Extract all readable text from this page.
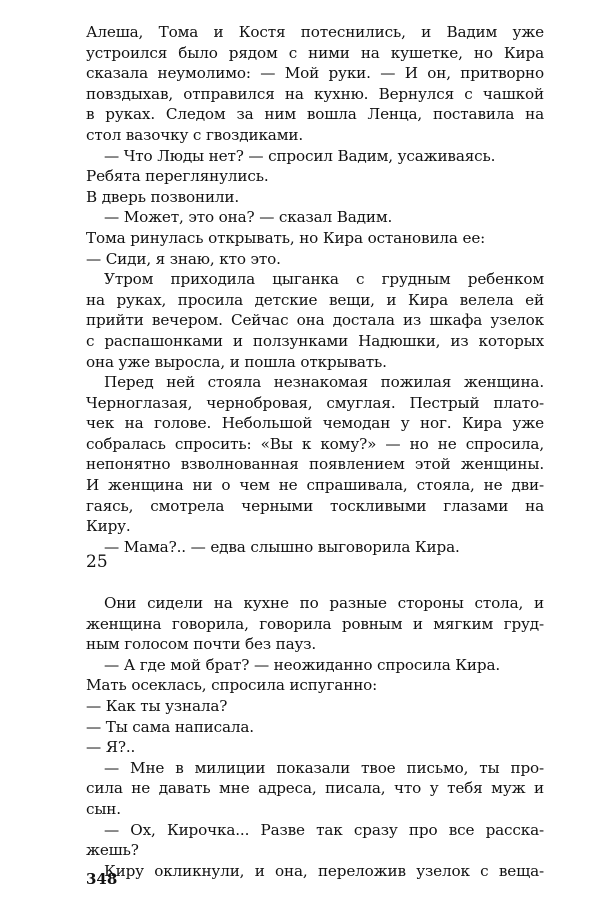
Алеша, Тома и Костя потеснились, и Вадим уже
устроился было рядом с ними на кушетке, но Кира
сказала неумолимо: — Мой руки. — И он, притворно
повздыхав, отправился на кухню. Вернулся с чашкой
в руках. Следом за ним вошла Ленца, поставила на
стол вазочку с гвоздиками.
— Что Люды нет? — спросил Вадим, усаживаясь.
Ребята переглянулись.
В дверь позвонили.
— Может, это она? — сказал Вадим.
Тома ринулась открывать, но Кира остановила ее:
— Сиди, я знаю, кто это.
Утром приходила цыганка с грудным ребенком
на руках, просила детские вещи, и Кира велела ей
прийти вечером. Сейчас она достала из шкафа узелок
с распашонками и ползунками Надюшки, из которых
она уже выросла, и пошла открывать.
Перед ней стояла незнакомая пожилая женщина.
Черноглазая, чернобровая, смуглая. Пестрый плато-
чек на голове. Небольшой чемодан у ног. Кира уже
собралась спросить: «Вы к кому?» — но не спросила,
непонятно взволнованная появлением этой женщины.
И женщина ни о чем не спрашивала, стояла, не дви-
гаясь, смотрела черными тоскливыми глазами на
Киру.
— Мама?.. — едва слышно выговорила Кира.
25
Они сидели на кухне по разные стороны стола, и
женщина говорила, говорила ровным и мягким груд-
ным голосом почти без пауз.
— А где мой брат? — неожиданно спросила Кира.
Мать осеклась, спросила испуганно:
— Как ты узнала?
— Ты сама написала.
— Я?..
— Мне в милиции показали твое письмо, ты про-
сила не давать мне адреса, писала, что у тебя муж и
сын.
— Ох, Кирочка... Разве так сразу про все расска-
жешь?
Киру окликнули, и она, переложив узелок с веща-
348
